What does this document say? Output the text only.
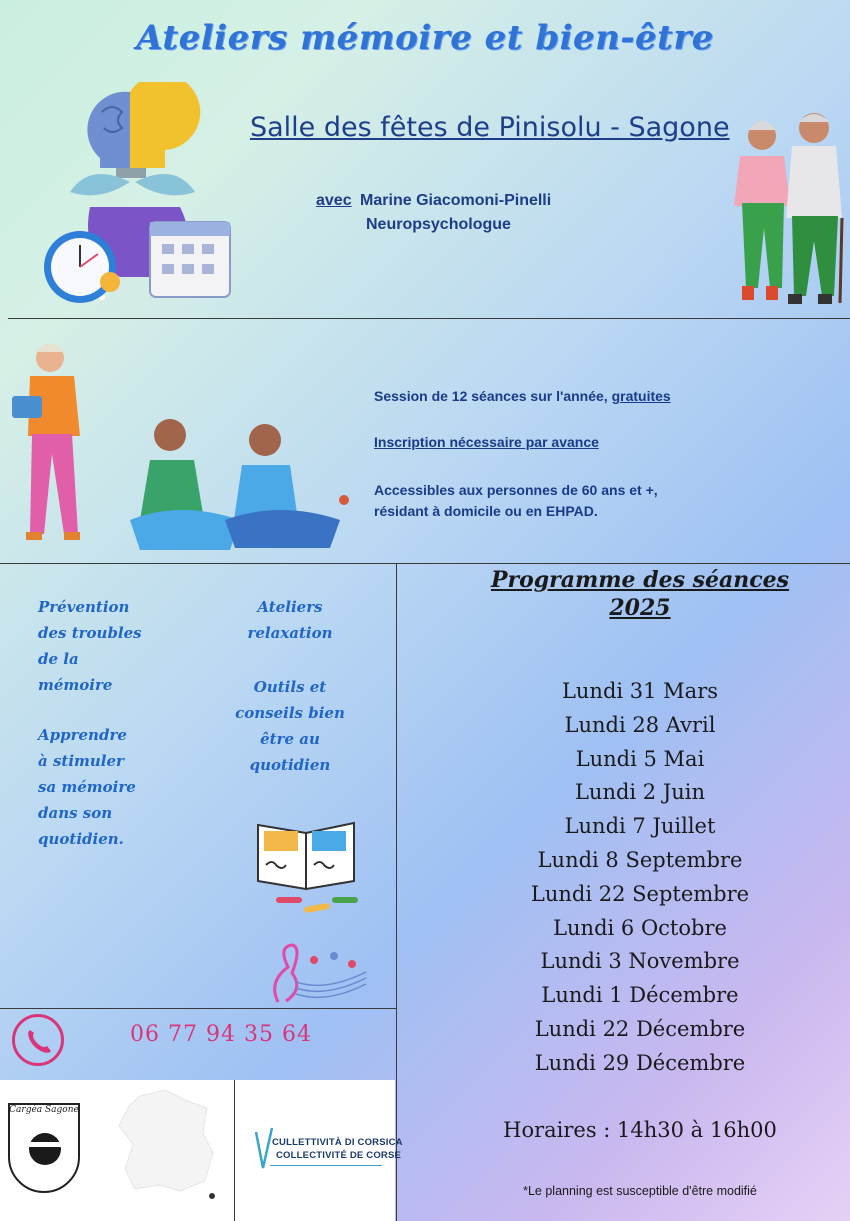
Ateliers mémoire et bien-être
Salle des fêtes de Pinisolu - Sagone
avec Marine Giacomoni-Pinelli
Neuropsychologue
Session de 12 séances sur l'année, gratuites
Inscription nécessaire par avance
Accessibles aux personnes de 60 ans et +,
résidant à domicile ou en EHPAD.
Prévention
des troubles
de la
mémoire
Apprendre
à stimuler
sa mémoire
dans son
quotidien.
Ateliers
relaxation
Outils et
conseils bien
être au
quotidien
06 77 94 35 64
Cargèa Sagone
CULLETTIVITÀ DI CORSICA
COLLECTIVITÉ DE CORSE
Programme des séances
2025
Lundi 31 Mars
Lundi 28 Avril
Lundi 5 Mai
Lundi 2 Juin
Lundi 7 Juillet
Lundi 8 Septembre
Lundi 22 Septembre
Lundi 6 Octobre
Lundi 3 Novembre
Lundi 1 Décembre
Lundi 22 Décembre
Lundi 29 Décembre
Horaires : 14h30 à 16h00
*Le planning est susceptible d'être modifié
